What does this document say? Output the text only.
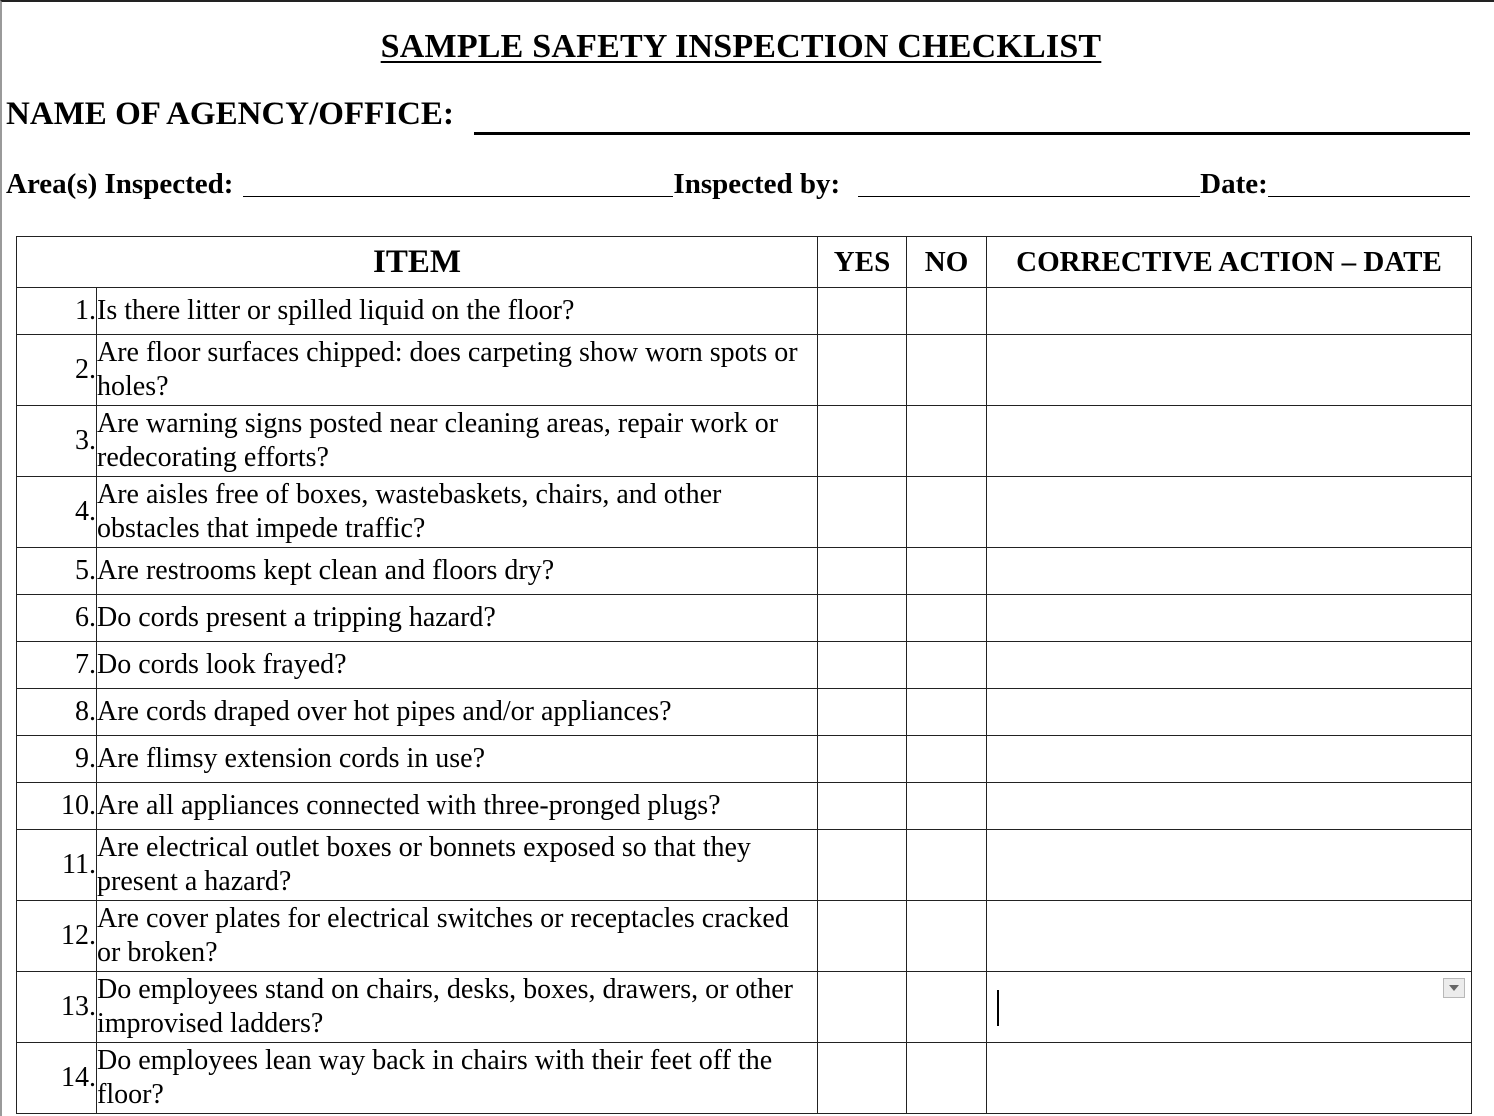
SAMPLE SAFETY INSPECTION CHECKLIST
NAME OF AGENCY/OFFICE:
Area(s) Inspected:	Inspected by:	Date:
ITEM		YES	NO	CORRECTIVE ACTION – DATE
1.	Is there litter or spilled liquid on the floor?			
2.	Are floor surfaces chipped: does carpeting show worn spots or holes?			
3.	Are warning signs posted near cleaning areas, repair work or redecorating efforts?			
4.	Are aisles free of boxes, wastebaskets, chairs, and other obstacles that impede traffic?			
5.	Are restrooms kept clean and floors dry?			
6.	Do cords present a tripping hazard?			
7.	Do cords look frayed?			
8.	Are cords draped over hot pipes and/or appliances?			
9.	Are flimsy extension cords in use?			
10.	Are all appliances connected with three-pronged plugs?			
11.	Are electrical outlet boxes or bonnets exposed so that they present a hazard?			
12.	Are cover plates for electrical switches or receptacles cracked or broken?			
13.	Do employees stand on chairs, desks, boxes, drawers, or other improvised ladders?			

14.	Do employees lean way back in chairs with their feet off the floor?			
